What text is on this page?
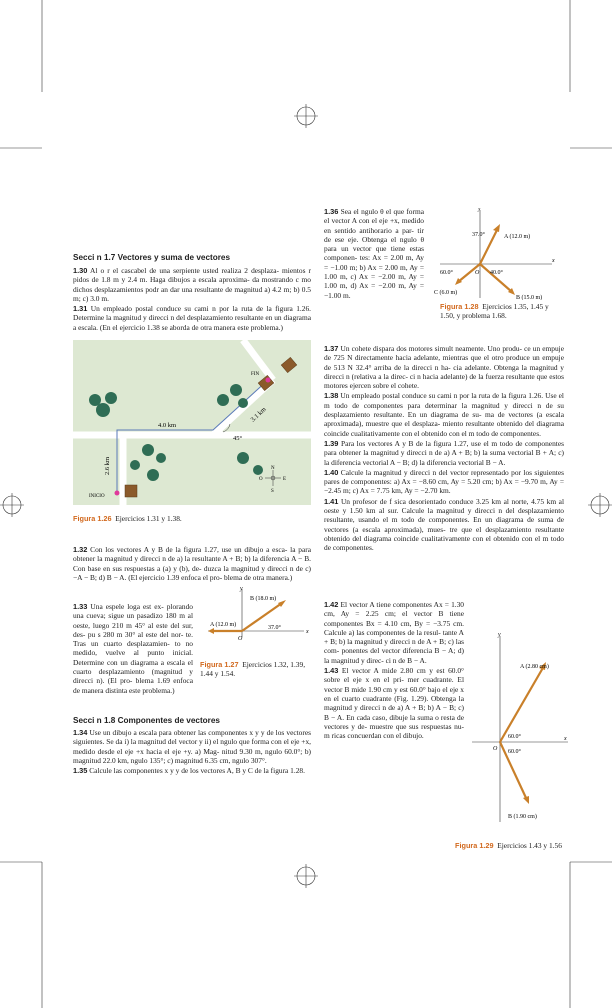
Secci n 1.7 Vectores y suma de vectores

1.30 Al o r el cascabel de una serpiente usted realiza 2 desplaza- mientos r pidos de 1.8 m y 2.4 m. Haga dibujos a escala aproxima- da mostrando c mo dichos desplazamientos podr an dar una resultante de magnitud a) 4.2 m; b) 0.5 m; c) 3.0 m.

1.31 Un empleado postal conduce su cami n por la ruta de la figura 1.26. Determine la magnitud y direcci n del desplazamiento resultante en un diagrama a escala. (En el ejercicio 1.38 se aborda de otra manera este problema.)

4.0 km
3.1 km
2.6 km
45°
INICIO
FIN
N
S
E
O
Figura 1.26 Ejercicios 1.31 y 1.38.

1.32 Con los vectores A y B de la figura 1.27, use un dibujo a esca- la para obtener la magnitud y direcci n de a) la resultante A + B; b) la diferencia A − B. Con base en sus respuestas a (a) y (b), de- duzca la magnitud y direcci n de c) −A − B; d) B − A. (El ejercicio 1.39 enfoca el pro- blema de otra manera.)

1.33 Una espele loga est ex- plorando una cueva; sigue un pasadizo 180 m al oeste, luego 210 m 45° al este del sur, des- pu s 280 m 30° al este del nor- te. Tras un cuarto desplazamien- to no medido, vuelve al punto inicial. Determine con un diagrama a escala el cuarto desplazamiento (magnitud y direcci n). (El pro- blema 1.69 enfoca de manera distinta este problema.)

y
x
O
B (18.0 m)
A (12.0 m)	37.0°
Figura 1.27 Ejercicios 1.32, 1.39, 1.44 y 1.54.
Secci n 1.8 Componentes de vectores

1.34 Use un dibujo a escala para obtener las componentes x y y de los vectores siguientes. Se da i) la magnitud del vector y ii) el ngulo que forma con el eje +x, medido desde el eje +x hacia el eje +y. a) Mag- nitud 9.30 m, ngulo 60.0°; b) magnitud 22.0 km, ngulo 135°; c) magnitud 6.35 cm, ngulo 307°.

1.35 Calcule las componentes x y y de los vectores A, B y C de la figura 1.28.

1.36 Sea el ngulo θ el que forma el vector A con el eje +x, medido en sentido antihorario a par- tir de ese eje. Obtenga el ngulo θ para un vector que tiene estas componen- tes: Ax = 2.00 m, Ay = −1.00 m; b) Ax = 2.00 m, Ay = 1.00 m, c) Ax = −2.00 m, Ay = 1.00 m, d) Ax = −2.00 m, Ay = −1.00 m.

y
x
O
A (12.0 m)
37.0°
60.0°	40.0°
C (6.0 m)
B (15.0 m)
Figura 1.28 Ejercicios 1.35, 1.45 y 1.50, y problema 1.68.

1.37 Un cohete dispara dos motores simult neamente. Uno produ- ce un empuje de 725 N directamente hacia adelante, mientras que el otro produce un empuje de 513 N 32.4° arriba de la direcci n ha- cia adelante. Obtenga la magnitud y direcci n (relativa a la direc- ci n hacia adelante) de la fuerza resultante que estos motores ejercen sobre el cohete.

1.38 Un empleado postal conduce su cami n por la ruta de la figura 1.26. Use el m todo de componentes para determinar la magnitud y direcci n de su desplazamiento resultante. En un diagrama de su- ma de vectores (a escala aproximada), muestre que el desplaza- miento resultante obtenido del diagrama coincide cualitativamente con el obtenido con el m todo de componentes.

1.39 Para los vectores A y B de la figura 1.27, use el m todo de componentes para obtener la magnitud y direcci n de a) A + B; b) la suma vectorial B + A; c) la diferencia vectorial A − B; d) la diferencia vectorial B − A.

1.40 Calcule la magnitud y direcci n del vector representado por los siguientes pares de componentes: a) Ax = −8.60 cm, Ay = 5.20 cm; b) Ax = −9.70 m, Ay = −2.45 m; c) Ax = 7.75 km, Ay = −2.70 km.

1.41 Un profesor de f sica desorientado conduce 3.25 km al norte, 4.75 km al oeste y 1.50 km al sur. Calcule la magnitud y direcci n del desplazamiento resultante, usando el m todo de componentes. En un diagrama de suma de vectores (a escala aproximada), mues- tre que el desplazamiento resultante obtenido del diagrama coincide cualitativamente con el obtenido con el m todo de componentes.

1.42 El vector A tiene componentes Ax = 1.30 cm, Ay = 2.25 cm; el vector B tiene componentes Bx = 4.10 cm, By = −3.75 cm. Calcule a) las componentes de la resul- tante A + B; b) la magnitud y direcci n de A + B; c) las com- ponentes del vector diferencia B − A; d) la magnitud y direc- ci n de B − A.

1.43 El vector A mide 2.80 cm y est 60.0° sobre el eje x en el pri- mer cuadrante. El vector B mide 1.90 cm y est 60.0° bajo el eje x en el cuarto cuadrante (Fig. 1.29). Obtenga la magnitud y direcci n de a) A + B; b) A − B; c) B − A. En cada caso, dibuje la suma o resta de vectores y de- muestre que sus respuestas nu- m ricas concuerdan con el dibujo.

y
x
O
A (2.80 cm)
60.0°
60.0°
B (1.90 cm)
Figura 1.29 Ejercicios 1.43 y 1.56
